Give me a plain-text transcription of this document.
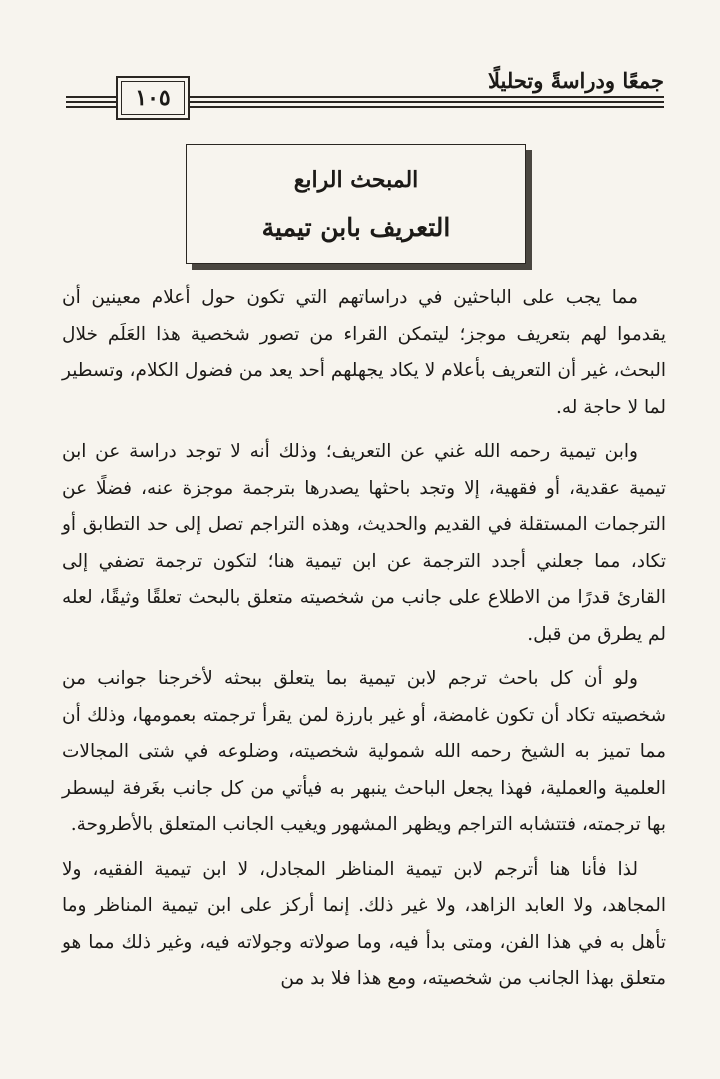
١٠٥
جمعًا ودراسةً وتحليلًا
المبحث الرابع
التعريف بابن تيمية

مما يجب على الباحثين في دراساتهم التي تكون حول أعلام معينين أن يقدموا لهم بتعريف موجز؛ ليتمكن القراء من تصور شخصية هذا العَلَم خلال البحث، غير أن التعريف بأعلام لا يكاد يجهلهم أحد يعد من فضول الكلام، وتسطير لما لا حاجة له.

وابن تيمية رحمه الله غني عن التعريف؛ وذلك أنه لا توجد دراسة عن ابن تيمية عقدية، أو فقهية، إلا وتجد باحثها يصدرها بترجمة موجزة عنه، فضلًا عن الترجمات المستقلة في القديم والحديث، وهذه التراجم تصل إلى حد التطابق أو تكاد، مما جعلني أجدد الترجمة عن ابن تيمية هنا؛ لتكون ترجمة تضفي إلى القارئ قدرًا من الاطلاع على جانب من شخصيته متعلق بالبحث تعلقًا وثيقًا، لعله لم يطرق من قبل.

ولو أن كل باحث ترجم لابن تيمية بما يتعلق ببحثه لأخرجنا جوانب من شخصيته تكاد أن تكون غامضة، أو غير بارزة لمن يقرأ ترجمته بعمومها، وذلك أن مما تميز به الشيخ رحمه الله شمولية شخصيته، وضلوعه في شتى المجالات العلمية والعملية، فهذا يجعل الباحث ينبهر به فيأتي من كل جانب بغَرفة ليسطر بها ترجمته، فتتشابه التراجم ويظهر المشهور ويغيب الجانب المتعلق بالأطروحة.

لذا فأنا هنا أترجم لابن تيمية المناظر المجادل، لا ابن تيمية الفقيه، ولا المجاهد، ولا العابد الزاهد، ولا غير ذلك. إنما أركز على ابن تيمية المناظر وما تأهل به في هذا الفن، ومتى بدأ فيه، وما صولاته وجولاته فيه، وغير ذلك مما هو متعلق بهذا الجانب من شخصيته، ومع هذا فلا بد من
